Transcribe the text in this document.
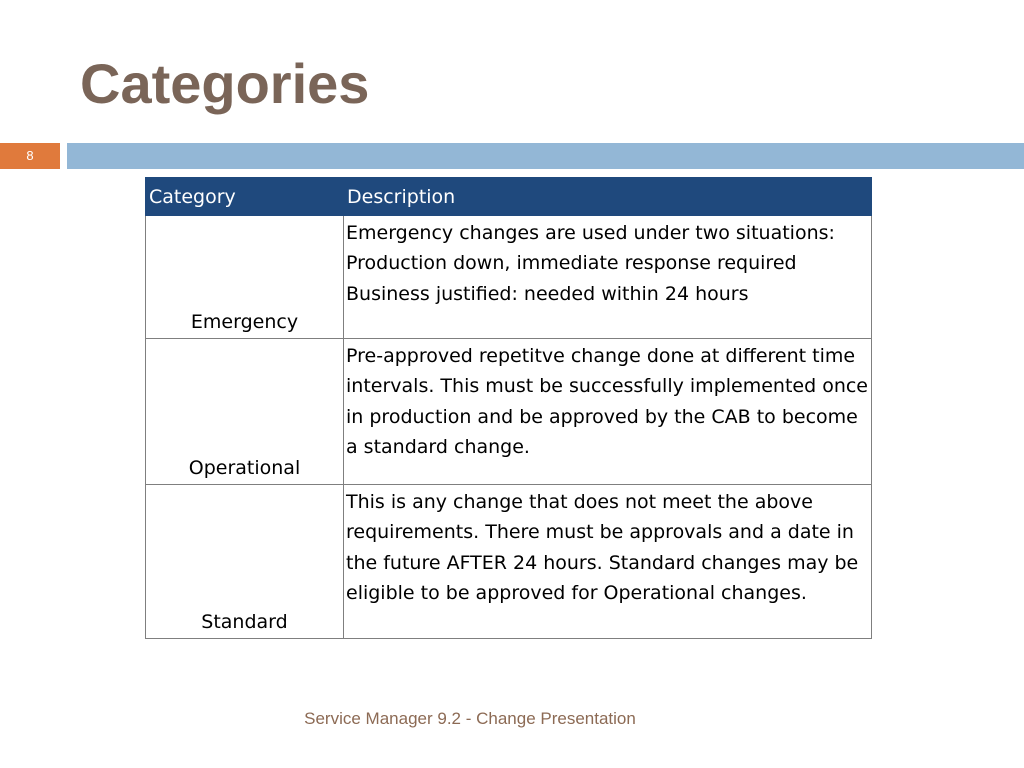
Categories
8
Category	Description
Emergency	Emergency changes are used under two situations:
Production down, immediate response required
Business justified: needed within 24 hours

Operational	Pre-approved repetitve change done at different time intervals. This must be successfully implemented once in production and be approved by the CAB to become a standard change.

Standard	This is any change that does not meet the above requirements. There must be approvals and a date in the future AFTER 24 hours. Standard changes may be eligible to be approved for Operational changes.
Service Manager 9.2 - Change Presentation
